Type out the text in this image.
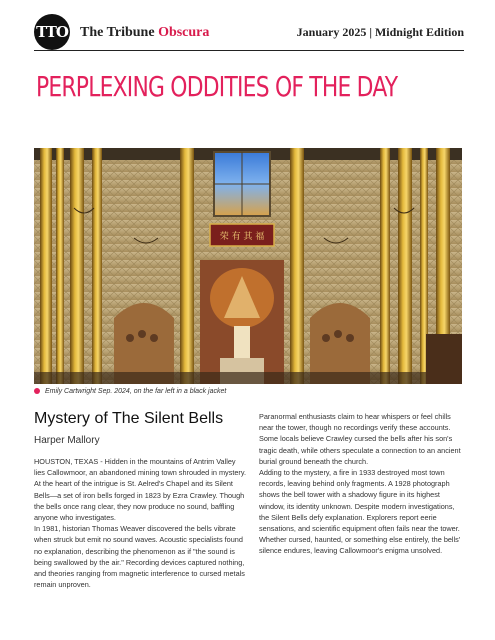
TTO The Tribune Obscura	January 2025 | Midnight Edition
PERPLEXING ODDITIES OF THE DAY
荣 有 其 福
Emily Cartwright Sep. 2024, on the far left in a black jacket
Mystery of The Silent Bells
Harper Mallory

HOUSTON, TEXAS - Hidden in the mountains of Antrim Valley lies Callowmoor, an abandoned mining town shrouded in mystery. At the heart of the intrigue is St. Aelred's Chapel and its Silent Bells—a set of iron bells forged in 1823 by Ezra Crawley. Though the bells once rang clear, they now produce no sound, baffling anyone who investigates.

In 1981, historian Thomas Weaver discovered the bells vibrate when struck but emit no sound waves. Acoustic specialists found no explanation, describing the phenomenon as if "the sound is being swallowed by the air." Recording devices captured nothing, and theories ranging from magnetic interference to cursed metals remain unproven.

Paranormal enthusiasts claim to hear whispers or feel chills near the tower, though no recordings verify these accounts. Some locals believe Crawley cursed the bells after his son's tragic death, while others speculate a connection to an ancient burial ground beneath the church.

Adding to the mystery, a fire in 1933 destroyed most town records, leaving behind only fragments. A 1928 photograph shows the bell tower with a shadowy figure in its highest window, its identity unknown. Despite modern investigations, the Silent Bells defy explanation. Explorers report eerie sensations, and scientific equipment often fails near the tower. Whether cursed, haunted, or something else entirely, the bells' silence endures, leaving Callowmoor's enigma unsolved.
